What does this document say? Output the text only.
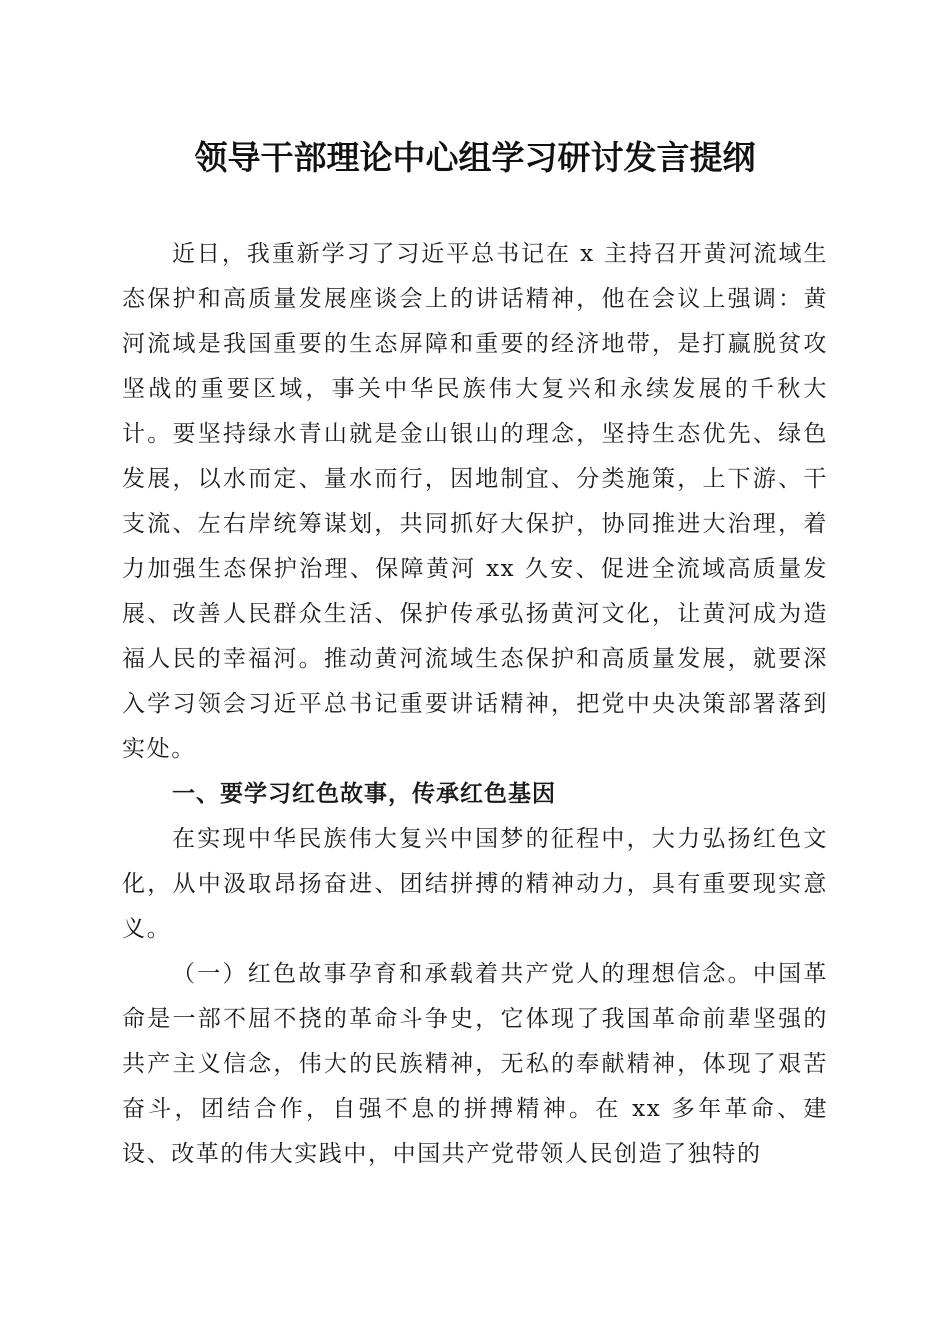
领导干部理论中心组学习研讨发言提纲

近日，我重新学习了习近平总书记在 x 主持召开黄河流域生态保护和高质量发展座谈会上的讲话精神，他在会议上强调：黄河流域是我国重要的生态屏障和重要的经济地带，是打赢脱贫攻坚战的重要区域，事关中华民族伟大复兴和永续发展的千秋大计。要坚持绿水青山就是金山银山的理念，坚持生态优先、绿色发展，以水而定、量水而行，因地制宜、分类施策，上下游、干支流、左右岸统筹谋划，共同抓好大保护，协同推进大治理，着力加强生态保护治理、保障黄河 xx 久安、促进全流域高质量发展、改善人民群众生活、保护传承弘扬黄河文化，让黄河成为造福人民的幸福河。推动黄河流域生态保护和高质量发展，就要深入学习领会习近平总书记重要讲话精神，把党中央决策部署落到实处。

一、要学习红色故事，传承红色基因

在实现中华民族伟大复兴中国梦的征程中，大力弘扬红色文化，从中汲取昂扬奋进、团结拼搏的精神动力，具有重要现实意义。

（一）红色故事孕育和承载着共产党人的理想信念。中国革命是一部不屈不挠的革命斗争史，它体现了我国革命前辈坚强的共产主义信念，伟大的民族精神，无私的奉献精神，体现了艰苦奋斗，团结合作，自强不息的拼搏精神。在 xx 多年革命、建设、改革的伟大实践中，中国共产党带领人民创造了独特的
